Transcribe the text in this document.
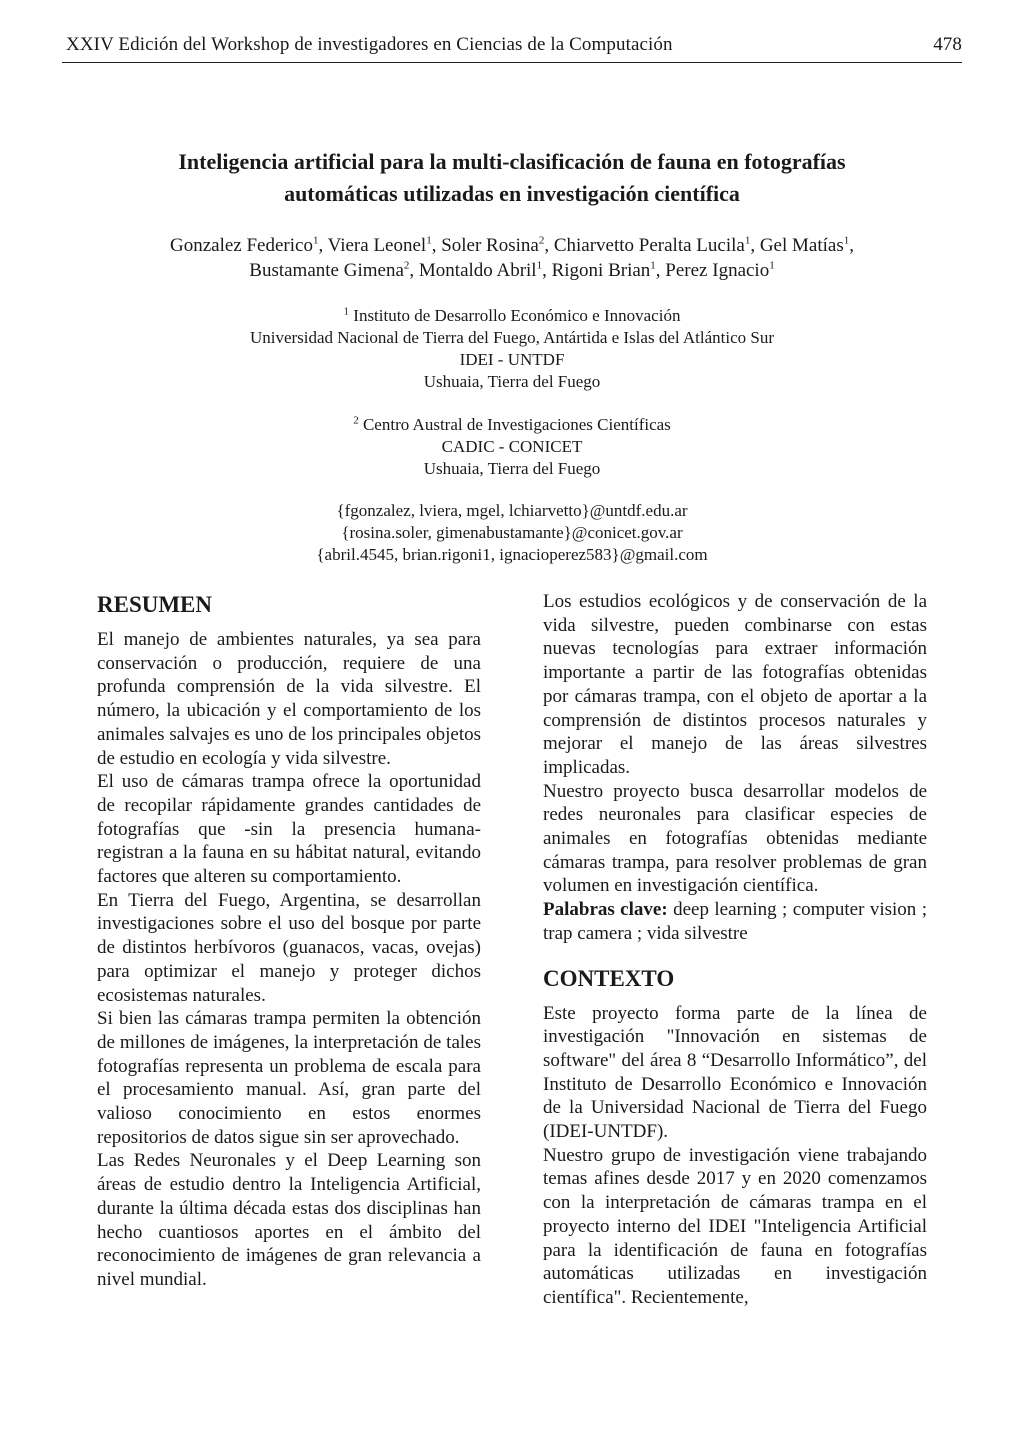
XXIV Edición del Workshop de investigadores en Ciencias de la Computación	478
Inteligencia artificial para la multi-clasificación de fauna en fotografías
automáticas utilizadas en investigación científica
Gonzalez Federico$^1$, Viera Leonel$^1$, Soler Rosina$^2$, Chiarvetto Peralta Lucila$^1$, Gel Matías$^1$,
Bustamante Gimena$^2$, Montaldo Abril$^1$, Rigoni Brian$^1$, Perez Ignacio$^1$
$^1$ Instituto de Desarrollo Económico e Innovación
Universidad Nacional de Tierra del Fuego, Antártida e Islas del Atlántico Sur
IDEI - UNTDF
Ushuaia, Tierra del Fuego
$^2$ Centro Austral de Investigaciones Científicas
CADIC - CONICET
Ushuaia, Tierra del Fuego
{fgonzalez, lviera, mgel, lchiarvetto}@untdf.edu.ar
{rosina.soler, gimenabustamante}@conicet.gov.ar
{abril.4545, brian.rigoni1, ignacioperez583}@gmail.com
RESUMEN

El manejo de ambientes naturales, ya sea para conservación o producción, requiere de una profunda comprensión de la vida silvestre. El número, la ubicación y el comportamiento de los animales salvajes es uno de los principales objetos de estudio en ecología y vida silvestre.

El uso de cámaras trampa ofrece la oportunidad de recopilar rápidamente grandes cantidades de fotografías que -sin la presencia humana- registran a la fauna en su hábitat natural, evitando factores que alteren su comportamiento.

En Tierra del Fuego, Argentina, se desarrollan investigaciones sobre el uso del bosque por parte de distintos herbívoros (guanacos, vacas, ovejas) para optimizar el manejo y proteger dichos ecosistemas naturales.

Si bien las cámaras trampa permiten la obtención de millones de imágenes, la interpretación de tales fotografías representa un problema de escala para el procesamiento manual. Así, gran parte del valioso conocimiento en estos enormes repositorios de datos sigue sin ser aprovechado.

Las Redes Neuronales y el Deep Learning son áreas de estudio dentro la Inteligencia Artificial, durante la última década estas dos disciplinas han hecho cuantiosos aportes en el ámbito del reconocimiento de imágenes de gran relevancia a nivel mundial.

Los estudios ecológicos y de conservación de la vida silvestre, pueden combinarse con estas nuevas tecnologías para extraer información importante a partir de las fotografías obtenidas por cámaras trampa, con el objeto de aportar a la comprensión de distintos procesos naturales y mejorar el manejo de las áreas silvestres implicadas.

Nuestro proyecto busca desarrollar modelos de redes neuronales para clasificar especies de animales en fotografías obtenidas mediante cámaras trampa, para resolver problemas de gran volumen en investigación científica.

Palabras clave: deep learning ; computer vision ; trap camera ; vida silvestre

CONTEXTO

Este proyecto forma parte de la línea de investigación "Innovación en sistemas de software" del área 8 “Desarrollo Informático”, del Instituto de Desarrollo Económico e Innovación de la Universidad Nacional de Tierra del Fuego (IDEI-UNTDF).

Nuestro grupo de investigación viene trabajando temas afines desde 2017 y en 2020 comenzamos con la interpretación de cámaras trampa en el proyecto interno del IDEI "Inteligencia Artificial para la identificación de fauna en fotografías automáticas utilizadas en investigación científica". Recientemente,
